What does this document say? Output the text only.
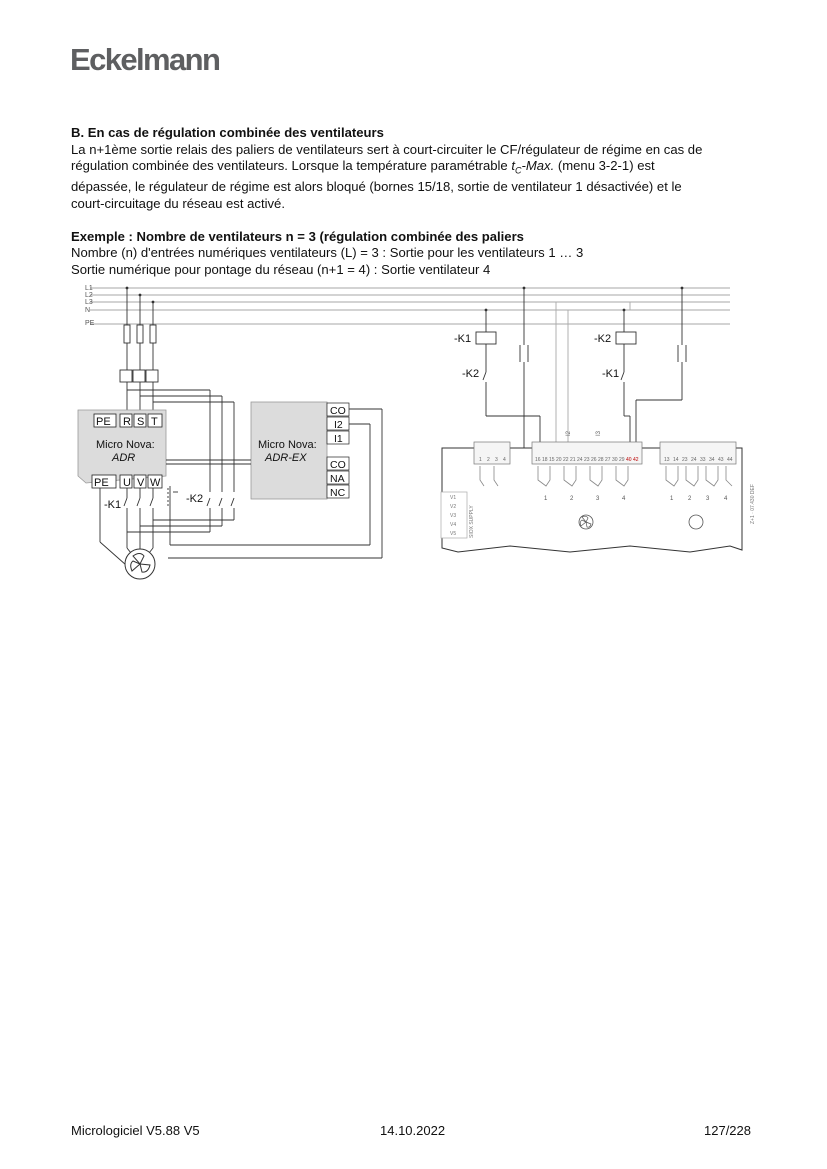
Eckelmann

B. En cas de régulation combinée des ventilateurs

La n+1ème sortie relais des paliers de ventilateurs sert à court-circuiter le CF/régulateur de régime en cas de

régulation combinée des ventilateurs. Lorsque la température paramétrable $t_C$-Max. (menu 3-2-1) est

dépassée, le régulateur de régime est alors bloqué (bornes 15/18, sortie de ventilateur 1 désactivée) et le

court-circuitage du réseau est activé.

Exemple : Nombre de ventilateurs n = 3 (régulation combinée des paliers

Nombre (n) d'entrées numériques ventilateurs (L) = 3 : Sortie pour les ventilateurs 1 … 3

Sortie numérique pour pontage du réseau (n+1 = 4) : Sortie ventilateur 4

L1
L2
L3
N
PE
PE R S T
Micro Nova:
ADR
PE U V W
-K1	-K2
Micro Nova:
ADR-EX
CO
I2
I1
CO
NA
NC
-K1
-K2
-K2
-K1
I2	I3
1 2 3 4	16 18 15 20 22 21 24 23 26 28 27 30 29 40 42	13 14 23 24 33 34 43 44
1	2	3	4	1 2 3 4
V1
V2
V3
V4
V5	SIOX SUPPLY	Z+1 · 07.430 DEF
Micrologiciel V5.88 V5	14.10.2022	127/228
